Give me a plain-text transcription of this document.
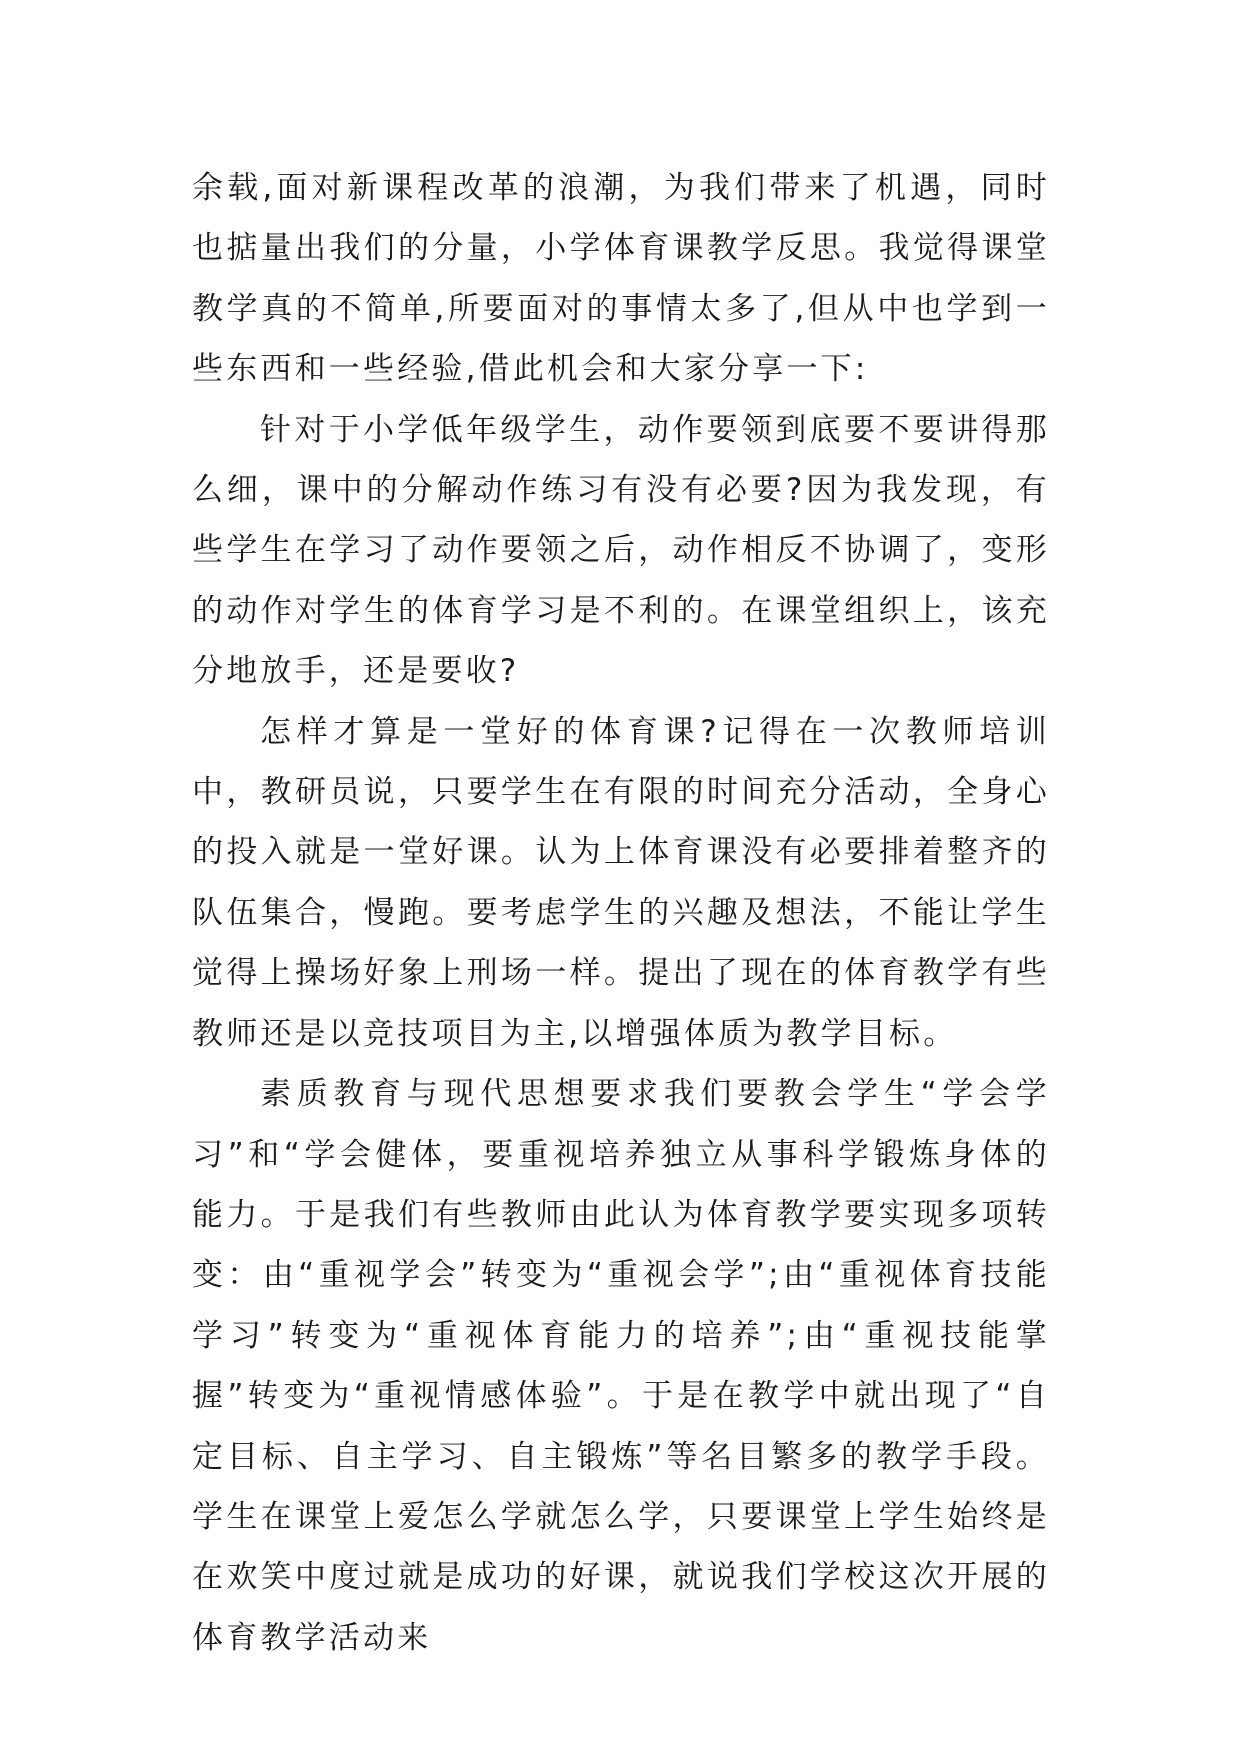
余载,面对新课程改革的浪潮，为我们带来了机遇，同时也掂量出我们的分量，小学体育课教学反思。我觉得课堂教学真的不简单,所要面对的事情太多了,但从中也学到一些东西和一些经验,借此机会和大家分享一下:

针对于小学低年级学生，动作要领到底要不要讲得那么细，课中的分解动作练习有没有必要?因为我发现，有些学生在学习了动作要领之后，动作相反不协调了，变形的动作对学生的体育学习是不利的。在课堂组织上，该充分地放手，还是要收?

怎样才算是一堂好的体育课?记得在一次教师培训中，教研员说，只要学生在有限的时间充分活动，全身心的投入就是一堂好课。认为上体育课没有必要排着整齐的队伍集合，慢跑。要考虑学生的兴趣及想法，不能让学生觉得上操场好象上刑场一样。提出了现在的体育教学有些教师还是以竞技项目为主,以增强体质为教学目标。

素质教育与现代思想要求我们要教会学生“学会学习”和“学会健体，要重视培养独立从事科学锻炼身体的能力。于是我们有些教师由此认为体育教学要实现多项转变：由“重视学会”转变为“重视会学”;由“重视体育技能学习”转变为“重视体育能力的培养”;由“重视技能掌握”转变为“重视情感体验”。于是在教学中就出现了“自定目标、自主学习、自主锻炼”等名目繁多的教学手段。学生在课堂上爱怎么学就怎么学，只要课堂上学生始终是在欢笑中度过就是成功的好课，就说我们学校这次开展的体育教学活动来
